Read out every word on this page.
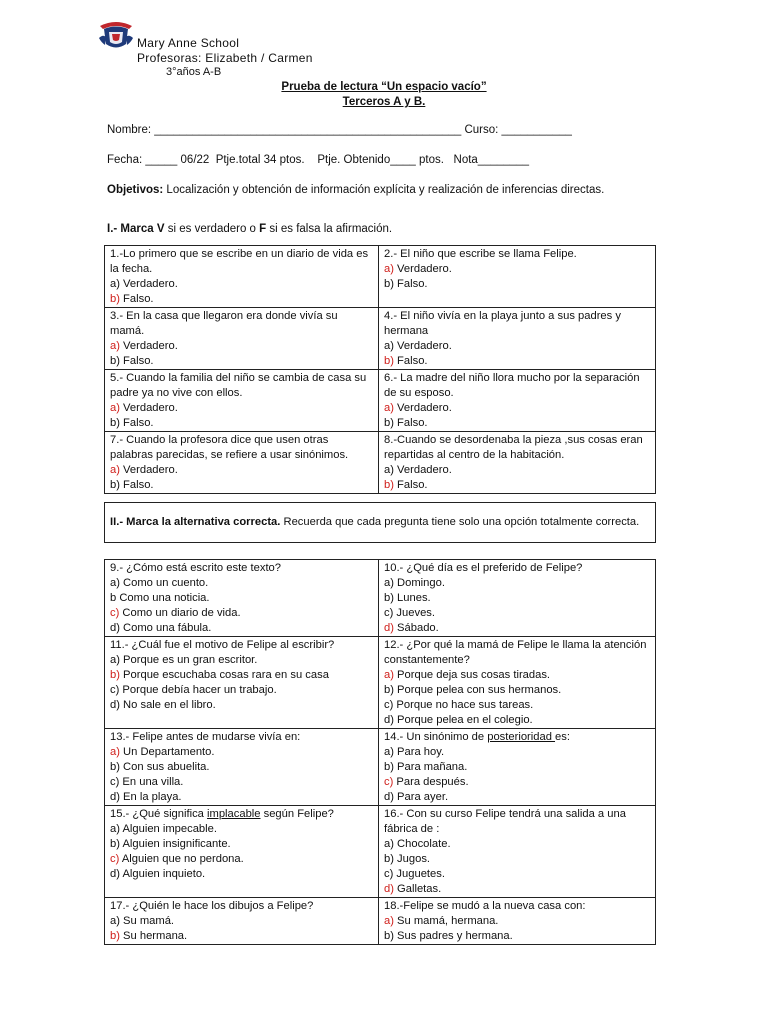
Mary Anne School
Profesoras: Elizabeth / Carmen
3°años A-B
Prueba de lectura “Un espacio vacío”
Terceros A y B.
Nombre: ________________________________________________ Curso: ___________
Fecha: _____ 06/22  Ptje.total 34 ptos.    Ptje. Obtenido____ ptos.   Nota________
Objetivos: Localización y obtención de información explícita y realización de inferencias directas.
I.- Marca V si es verdadero o F si es falsa la afirmación.
1.-Lo primero que se escribe en un diario de vida es la fecha.
a) Verdadero.
b) Falso.	2.- El niño que escribe se llama Felipe.
a) Verdadero.
b) Falso.

3.- En la casa que llegaron era donde vivía su mamá.
a) Verdadero.
b) Falso.	4.- El niño vivía en la playa junto a sus padres y hermana
a) Verdadero.
b) Falso.

5.- Cuando la familia del niño se cambia de casa su padre ya no vive con ellos.
a) Verdadero.
b) Falso.	6.- La madre del niño llora mucho por la separación de su esposo.
a) Verdadero.
b) Falso.

7.- Cuando la profesora dice que usen otras palabras parecidas, se refiere a usar sinónimos.
a) Verdadero.
b) Falso.	8.-Cuando se desordenaba la pieza ,sus cosas eran repartidas al centro de la habitación.
a) Verdadero.
b) Falso.
II.- Marca la alternativa correcta. Recuerda que cada pregunta tiene solo una opción totalmente correcta.
9.- ¿Cómo está escrito este texto?
a) Como un cuento.
b Como una noticia.
c) Como un diario de vida.
d) Como una fábula.	10.- ¿Qué día es el preferido de Felipe?
a) Domingo.
b) Lunes.
c) Jueves.
d) Sábado.

11.- ¿Cuál fue el motivo de Felipe al escribir?
a) Porque es un gran escritor.
b) Porque escuchaba cosas rara en su casa
c) Porque debía hacer un trabajo.
d) No sale en el libro.	12.- ¿Por qué la mamá de Felipe le llama la atención constantemente?
a) Porque deja sus cosas tiradas.
b) Porque pelea con sus hermanos.
c) Porque no hace sus tareas.
d) Porque pelea en el colegio.

13.- Felipe antes de mudarse vivía en:
a) Un Departamento.
b) Con sus abuelita.
c) En una villa.
d) En la playa.	14.- Un sinónimo de posterioridad es:
a) Para hoy.
b) Para mañana.
c) Para después.
d) Para ayer.

15.- ¿Qué significa implacable según Felipe?
a) Alguien impecable.
b) Alguien insignificante.
c) Alguien que no perdona.
d) Alguien inquieto.	16.- Con su curso Felipe tendrá una salida a una fábrica de :
a) Chocolate.
b) Jugos.
c) Juguetes.
d) Galletas.

17.- ¿Quién le hace los dibujos a Felipe?
a) Su mamá.
b) Su hermana.	18.-Felipe se mudó a la nueva casa con:
a) Su mamá, hermana.
b) Sus padres y hermana.
